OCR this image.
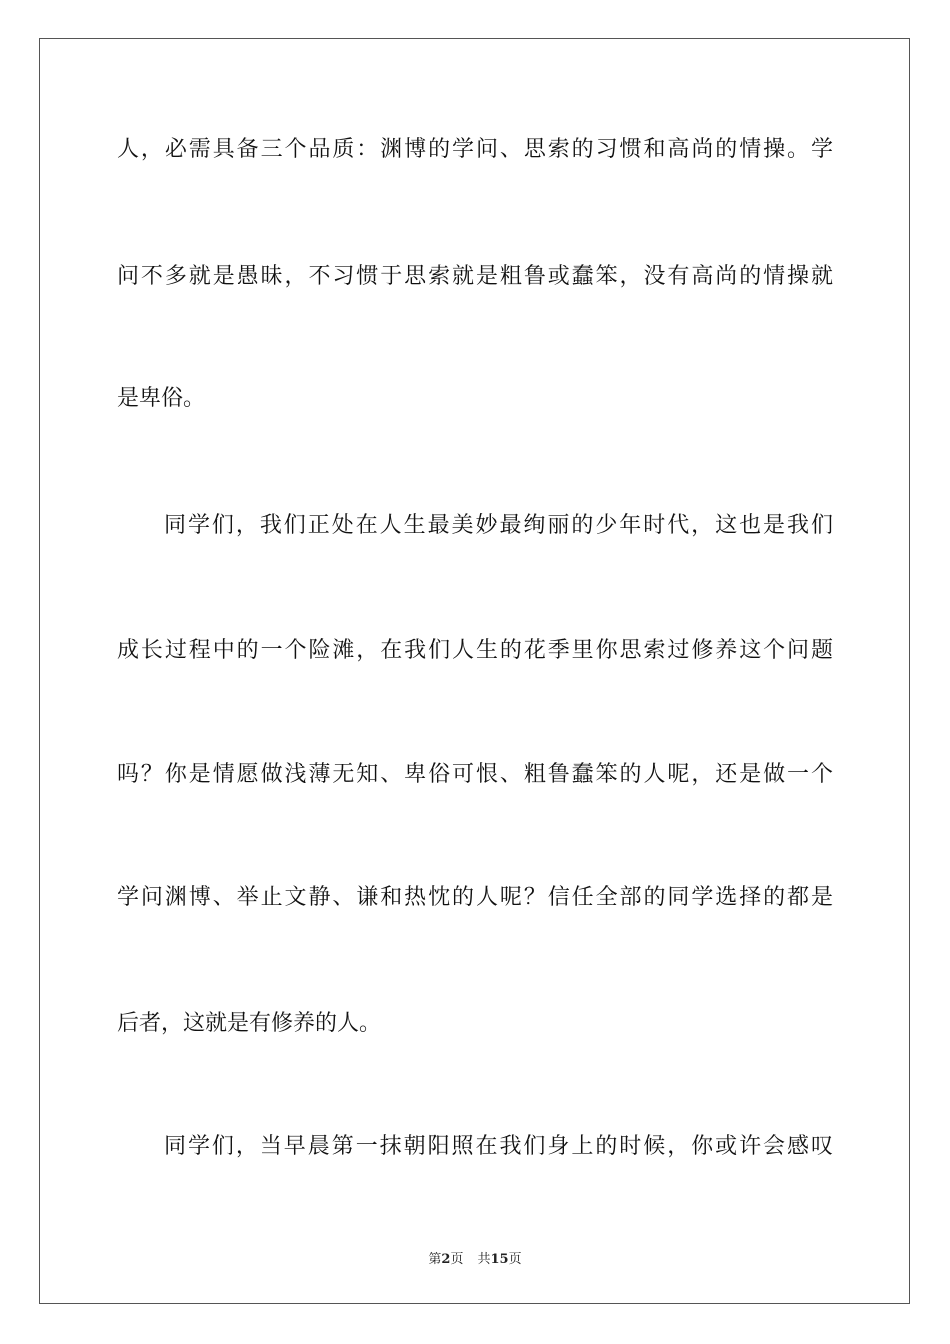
人，必需具备三个品质：渊博的学问、思索的习惯和高尚的情操。学
问不多就是愚昧，不习惯于思索就是粗鲁或蠢笨，没有高尚的情操就
是卑俗。
同学们，我们正处在人生最美妙最绚丽的少年时代，这也是我们
成长过程中的一个险滩，在我们人生的花季里你思索过修养这个问题
吗？你是情愿做浅薄无知、卑俗可恨、粗鲁蠢笨的人呢，还是做一个
学问渊博、举止文静、谦和热忱的人呢？信任全部的同学选择的都是
后者，这就是有修养的人。
同学们，当早晨第一抹朝阳照在我们身上的时候，你或许会感叹
第2页 共15页
